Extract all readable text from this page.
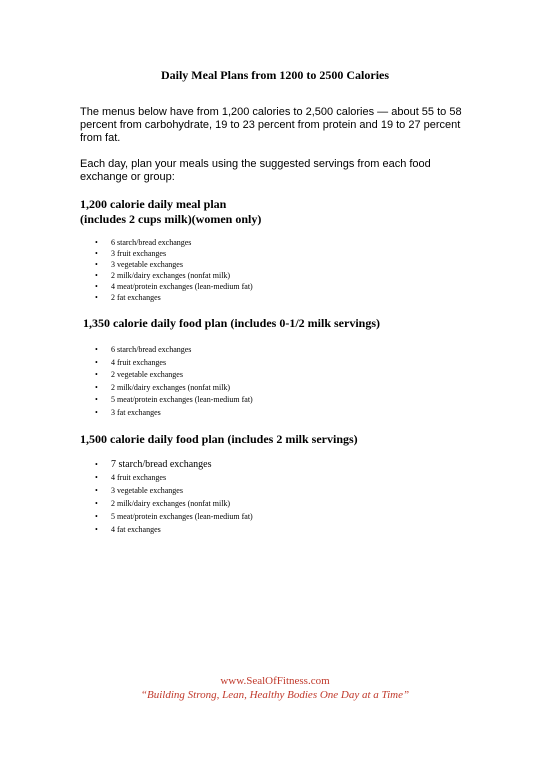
Daily Meal Plans from 1200 to 2500 Calories
The menus below have from 1,200 calories to 2,500 calories — about 55 to 58 percent from carbohydrate, 19 to 23 percent from protein and 19 to 27 percent from fat.
Each day, plan your meals using the suggested servings from each food exchange or group:
1,200 calorie daily meal plan
(includes 2 cups milk)(women only)
• 6 starch/bread exchanges
• 3 fruit exchanges
• 3 vegetable exchanges
• 2 milk/dairy exchanges (nonfat milk)
• 4 meat/protein exchanges (lean-medium fat)
• 2 fat exchanges
1,350 calorie daily food plan (includes 0-1/2 milk servings)
• 6 starch/bread exchanges
• 4 fruit exchanges
• 2 vegetable exchanges
• 2 milk/dairy exchanges (nonfat milk)
• 5 meat/protein exchanges (lean-medium fat)
• 3 fat exchanges
1,500 calorie daily food plan (includes 2 milk servings)
• 7 starch/bread exchanges
• 4 fruit exchanges
• 3 vegetable exchanges
• 2 milk/dairy exchanges (nonfat milk)
• 5 meat/protein exchanges (lean-medium fat)
• 4 fat exchanges
www.SealOfFitness.com
“Building Strong, Lean, Healthy Bodies One Day at a Time”
